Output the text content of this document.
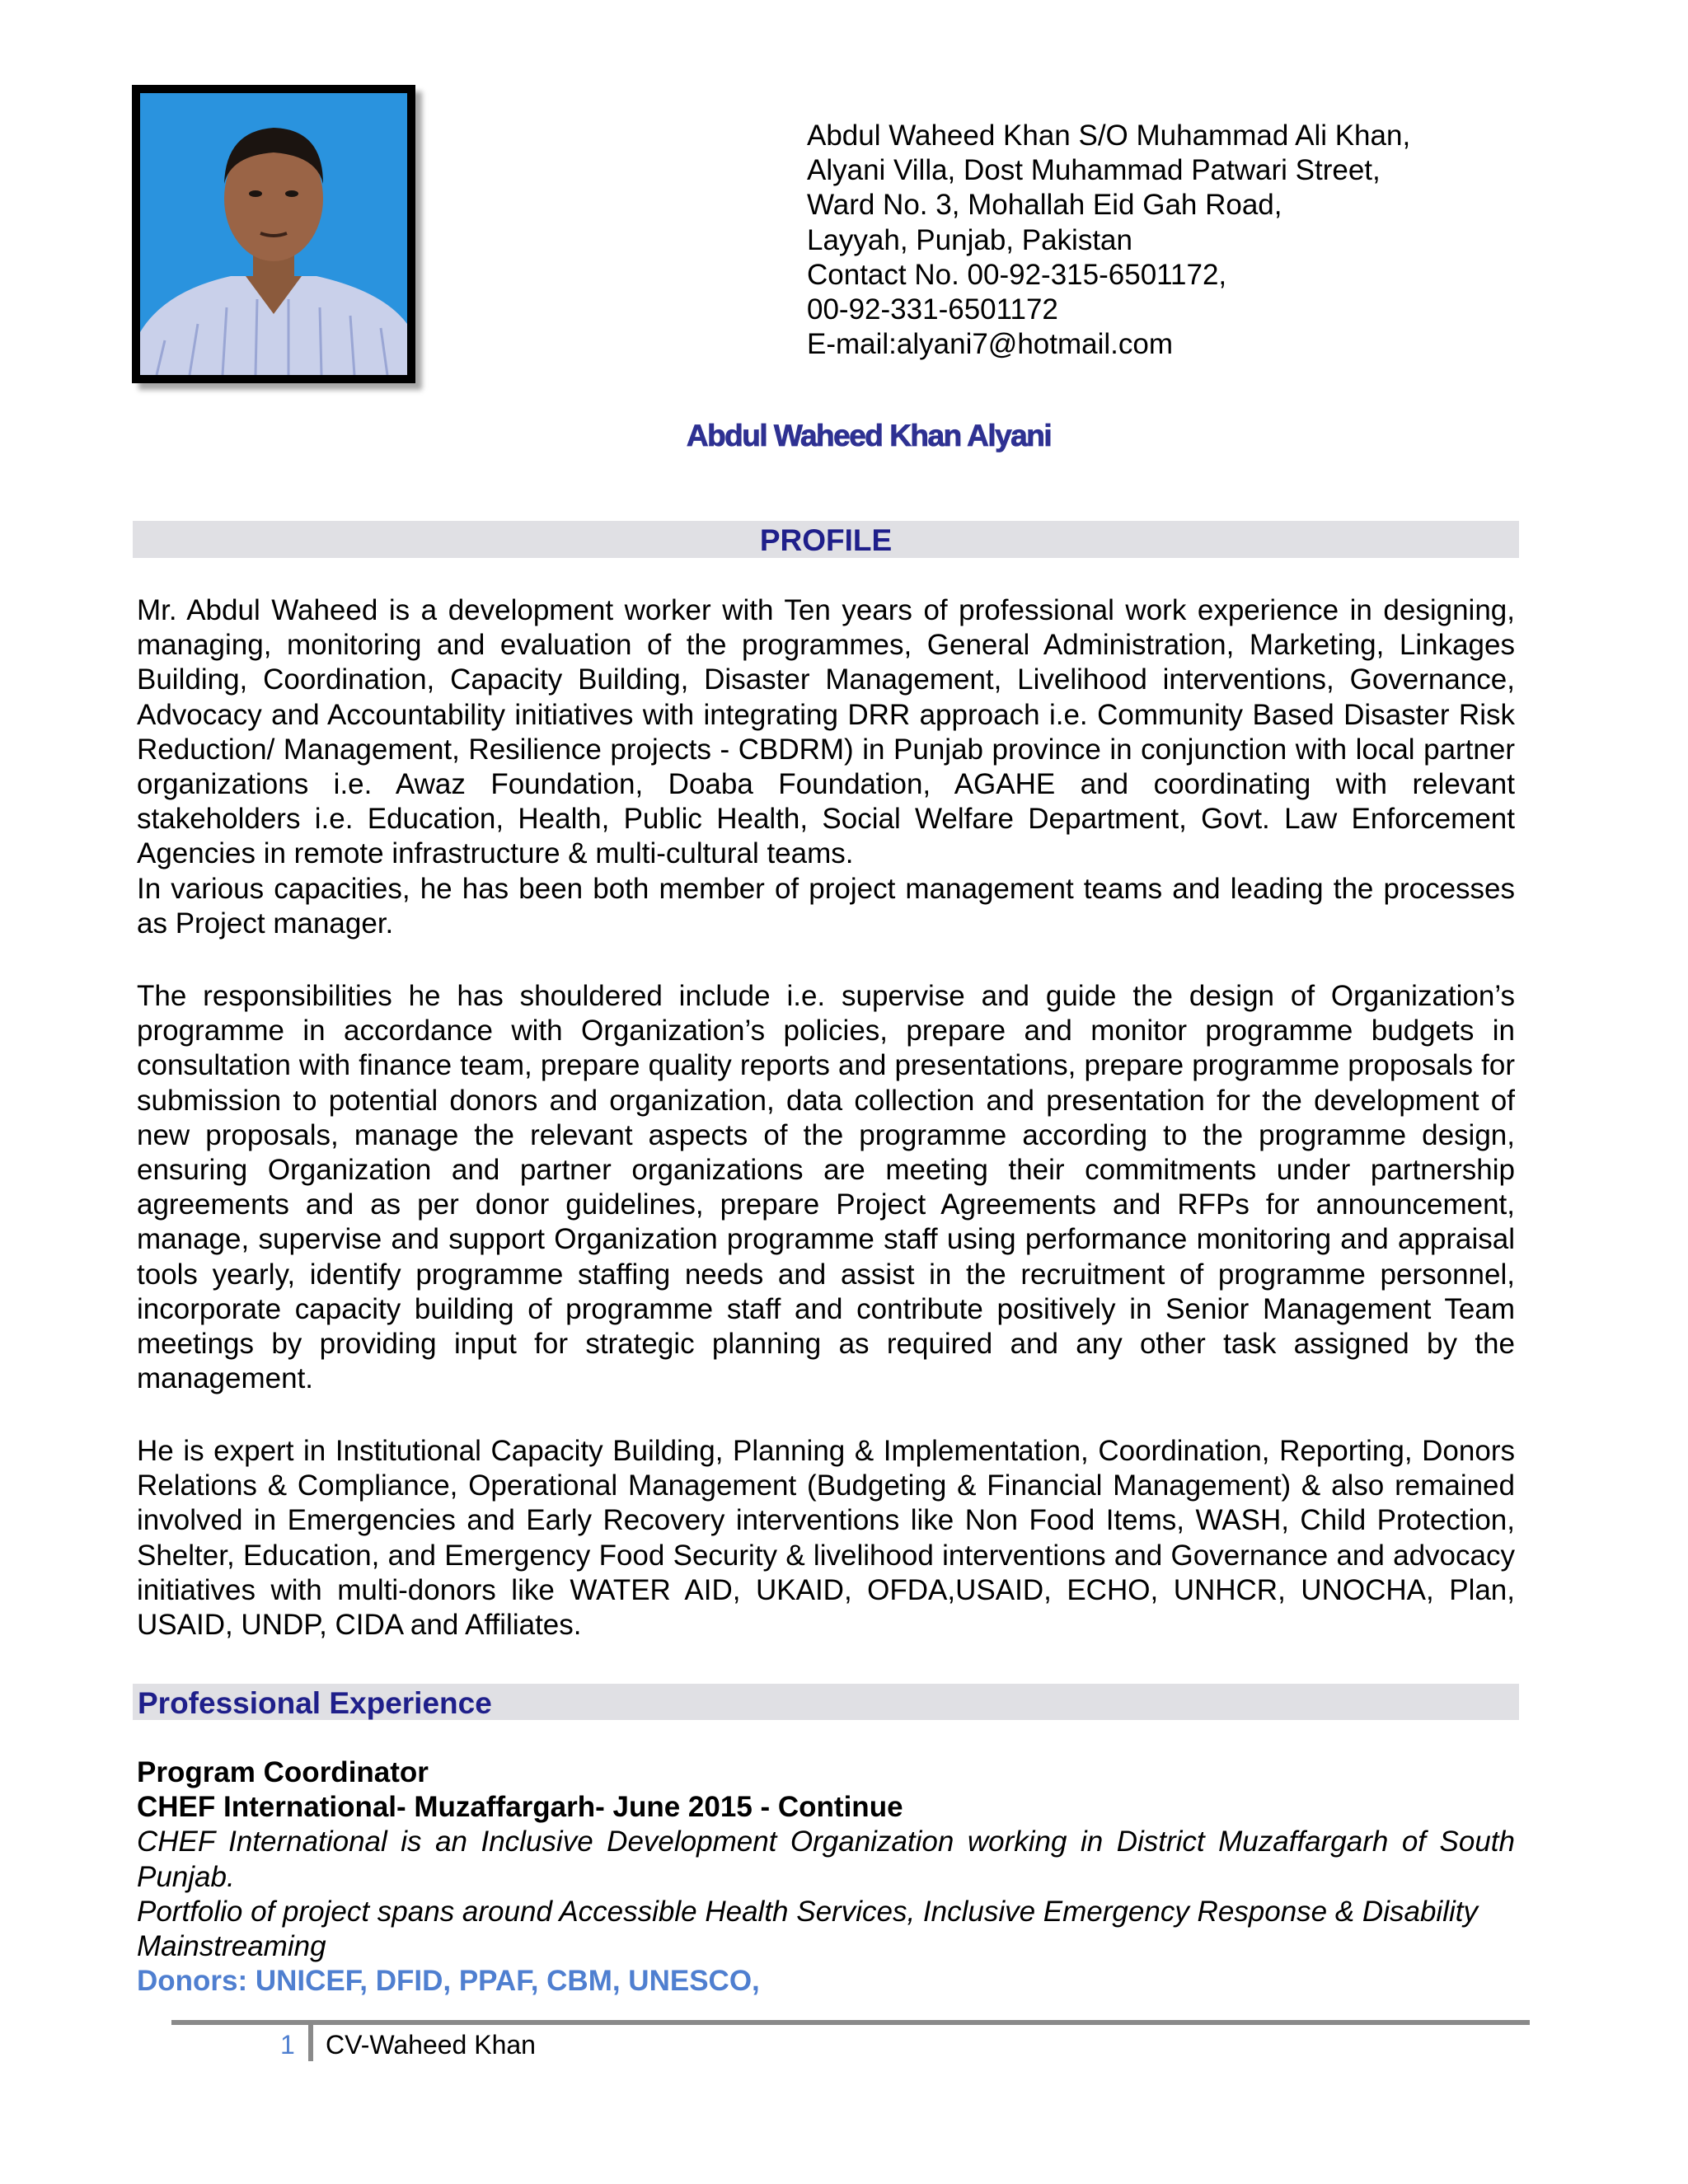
Abdul Waheed Khan S/O Muhammad Ali Khan,
Alyani Villa, Dost Muhammad Patwari Street,
Ward No. 3, Mohallah Eid Gah Road,
Layyah, Punjab, Pakistan
Contact No. 00-92-315-6501172,
00-92-331-6501172
E-mail:alyani7@hotmail.com
Abdul Waheed Khan Alyani
PROFILE

Mr. Abdul Waheed is a development worker with Ten years of professional work experience in designing, managing, monitoring and evaluation of the programmes, General Administration, Marketing, Linkages Building, Coordination, Capacity Building, Disaster Management, Livelihood interventions, Governance, Advocacy and Accountability initiatives with integrating DRR approach i.e. Community Based Disaster Risk Reduction/ Management, Resilience projects - CBDRM) in Punjab province in conjunction with local partner organizations i.e. Awaz Foundation, Doaba Foundation, AGAHE and coordinating with relevant stakeholders i.e. Education, Health, Public Health, Social Welfare Department, Govt. Law Enforcement Agencies in remote infrastructure & multi-cultural teams.

In various capacities, he has been both member of project management teams and leading the processes as Project manager.

The responsibilities he has shouldered include i.e. supervise and guide the design of Organization’s programme in accordance with Organization’s policies, prepare and monitor programme budgets in consultation with finance team, prepare quality reports and presentations, prepare programme proposals for submission to potential donors and organization, data collection and presentation for the development of new proposals, manage the relevant aspects of the programme according to the programme design, ensuring Organization and partner organizations are meeting their commitments under partnership agreements and as per donor guidelines, prepare Project Agreements and RFPs for announcement, manage, supervise and support Organization programme staff using performance monitoring and appraisal tools yearly, identify programme staffing needs and assist in the recruitment of programme personnel, incorporate capacity building of programme staff and contribute positively in Senior Management Team meetings by providing input for strategic planning as required and any other task assigned by the management.

He is expert in Institutional Capacity Building, Planning & Implementation, Coordination, Reporting, Donors Relations & Compliance, Operational Management (Budgeting & Financial Management) & also remained involved in Emergencies and Early Recovery interventions like Non Food Items, WASH, Child Protection, Shelter, Education, and Emergency Food Security & livelihood interventions and Governance and advocacy initiatives with multi-donors like WATER AID, UKAID, OFDA,USAID, ECHO, UNHCR, UNOCHA, Plan, USAID, UNDP, CIDA and Affiliates.

Professional Experience
Program Coordinator
CHEF International- Muzaffargarh- June 2015 - Continue
CHEF International is an Inclusive Development Organization working in District Muzaffargarh of South Punjab.
Portfolio of project spans around Accessible Health Services, Inclusive Emergency Response & Disability Mainstreaming
Donors: UNICEF, DFID, PPAF, CBM, UNESCO,
1 CV-Waheed Khan
